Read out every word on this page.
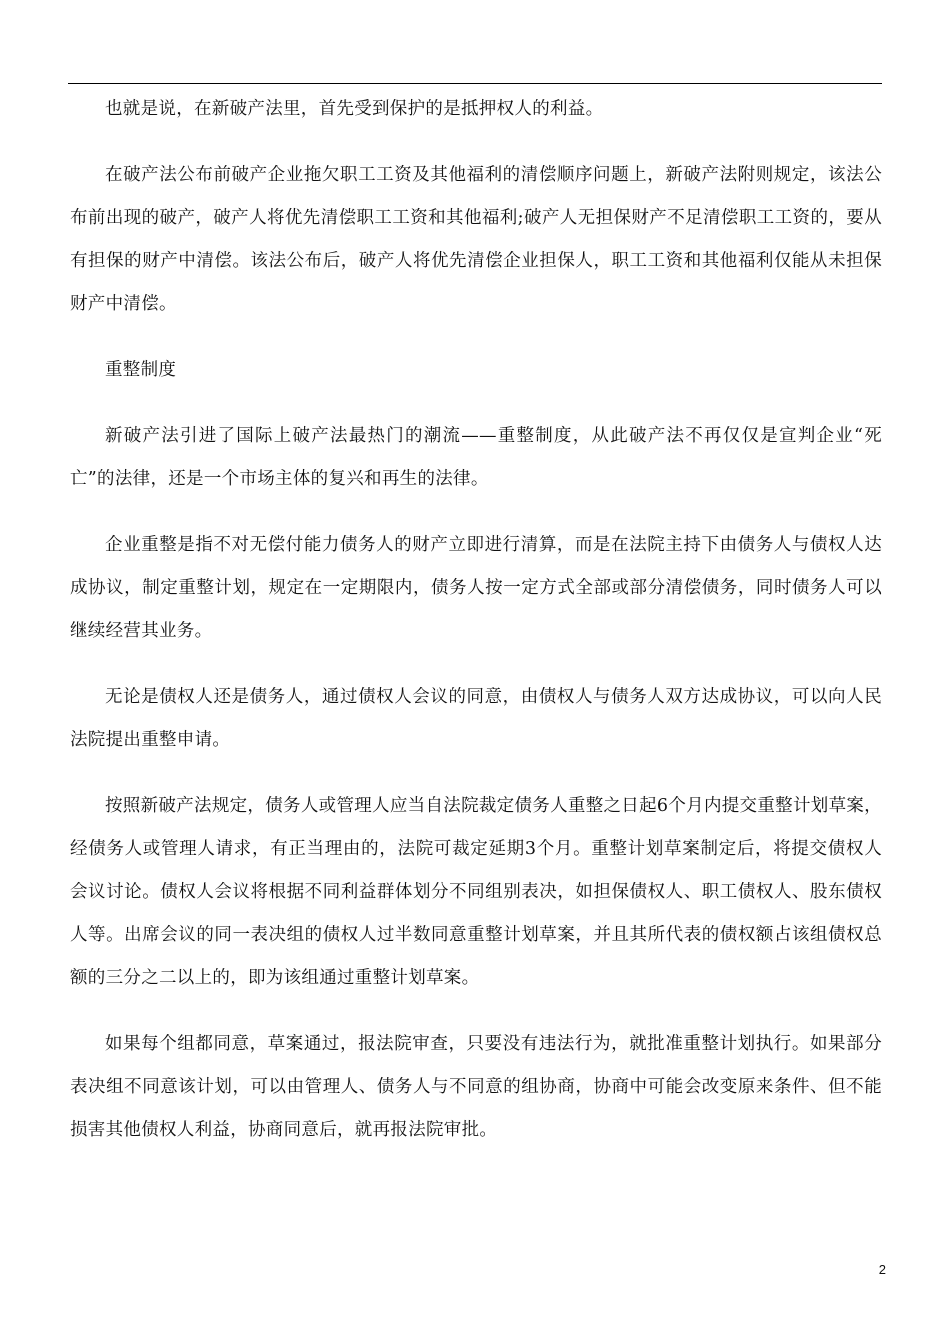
也就是说，在新破产法里，首先受到保护的是抵押权人的利益。

在破产法公布前破产企业拖欠职工工资及其他福利的清偿顺序问题上，新破产法附则规定，该法公布前出现的破产，破产人将优先清偿职工工资和其他福利;破产人无担保财产不足清偿职工工资的，要从有担保的财产中清偿。该法公布后，破产人将优先清偿企业担保人，职工工资和其他福利仅能从未担保财产中清偿。

重整制度

新破产法引进了国际上破产法最热门的潮流——重整制度，从此破产法不再仅仅是宣判企业“死亡”的法律，还是一个市场主体的复兴和再生的法律。

企业重整是指不对无偿付能力债务人的财产立即进行清算，而是在法院主持下由债务人与债权人达成协议，制定重整计划，规定在一定期限内，债务人按一定方式全部或部分清偿债务，同时债务人可以继续经营其业务。

无论是债权人还是债务人，通过债权人会议的同意，由债权人与债务人双方达成协议，可以向人民法院提出重整申请。

按照新破产法规定，债务人或管理人应当自法院裁定债务人重整之日起6个月内提交重整计划草案，经债务人或管理人请求，有正当理由的，法院可裁定延期3个月。重整计划草案制定后，将提交债权人会议讨论。债权人会议将根据不同利益群体划分不同组别表决，如担保债权人、职工债权人、股东债权人等。出席会议的同一表决组的债权人过半数同意重整计划草案，并且其所代表的债权额占该组债权总额的三分之二以上的，即为该组通过重整计划草案。

如果每个组都同意，草案通过，报法院审查，只要没有违法行为，就批准重整计划执行。如果部分表决组不同意该计划，可以由管理人、债务人与不同意的组协商，协商中可能会改变原来条件、但不能损害其他债权人利益，协商同意后，就再报法院审批。

2
